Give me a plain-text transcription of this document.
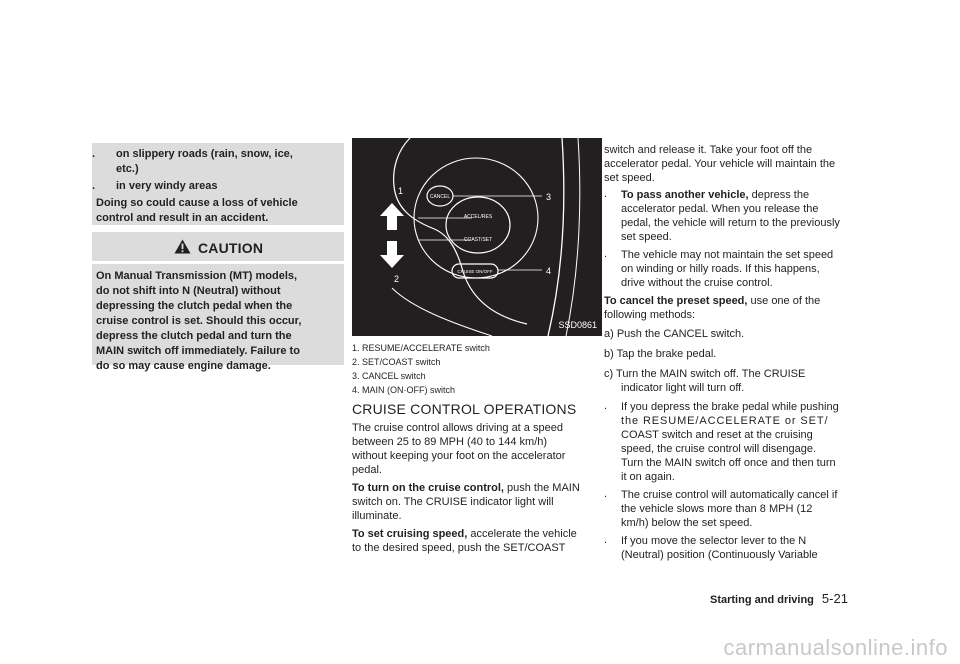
. on slippery roads (rain, snow, ice,
etc.)
. in very windy areas
Doing so could cause a loss of vehicle
control and result in an accident.
CAUTION
On Manual Transmission (MT) models,
do not shift into N (Neutral) without
depressing the clutch pedal when the
cruise control is set. Should this occur,
depress the clutch pedal and turn the
MAIN switch off immediately. Failure to
do so may cause engine damage.
CANCEL
ACCEL/RES
COAST/SET
CRUISE ON/OFF
1
2
3
4
SSD0861
1. RESUME/ACCELERATE switch
2. SET/COAST switch
3. CANCEL switch
4. MAIN (ON·OFF) switch
CRUISE CONTROL OPERATIONS
The cruise control allows driving at a speed
between 25 to 89 MPH (40 to 144 km/h)
without keeping your foot on the accelerator
pedal.
To turn on the cruise control, push the MAIN
switch on. The CRUISE indicator light will
illuminate.
To set cruising speed, accelerate the vehicle
to the desired speed, push the SET/COAST
switch and release it. Take your foot off the
accelerator pedal. Your vehicle will maintain the
set speed.
. To pass another vehicle, depress the
accelerator pedal. When you release the
pedal, the vehicle will return to the previously
set speed.
. The vehicle may not maintain the set speed
on winding or hilly roads. If this happens,
drive without the cruise control.
To cancel the preset speed, use one of the
following methods:
a) Push the CANCEL switch.
b) Tap the brake pedal.
c) Turn the MAIN switch off. The CRUISE
indicator light will turn off.
. If you depress the brake pedal while pushing
the RESUME/ACCELERATE or SET/
COAST switch and reset at the cruising
speed, the cruise control will disengage.
Turn the MAIN switch off once and then turn
it on again.
. The cruise control will automatically cancel if
the vehicle slows more than 8 MPH (12
km/h) below the set speed.
. If you move the selector lever to the N
(Neutral) position (Continuously Variable
Starting and driving 5-21
carmanualsonline.info
